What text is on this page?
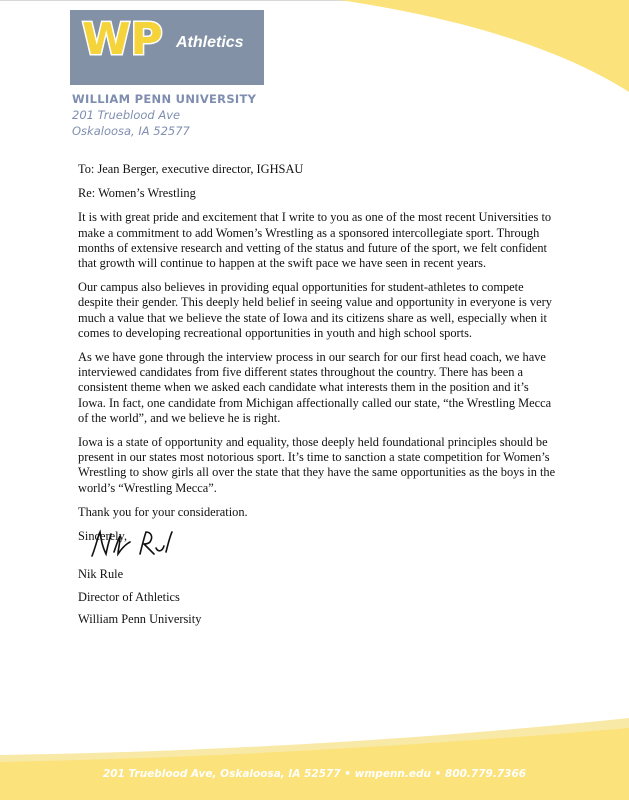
WP Athletics
WILLIAM PENN UNIVERSITY
201 Trueblood Ave
Oskaloosa, IA 52577

To: Jean Berger, executive director, IGHSAU

Re: Women’s Wrestling

It is with great pride and excitement that I write to you as one of the most recent Universities to make a commitment to add Women’s Wrestling as a sponsored intercollegiate sport. Through months of extensive research and vetting of the status and future of the sport, we felt confident that growth will continue to happen at the swift pace we have seen in recent years.

Our campus also believes in providing equal opportunities for student-athletes to compete despite their gender. This deeply held belief in seeing value and opportunity in everyone is very much a value that we believe the state of Iowa and its citizens share as well, especially when it comes to developing recreational opportunities in youth and high school sports.

As we have gone through the interview process in our search for our first head coach, we have interviewed candidates from five different states throughout the country. There has been a consistent theme when we asked each candidate what interests them in the position and it’s Iowa. In fact, one candidate from Michigan affectionally called our state, “the Wrestling Mecca of the world”, and we believe he is right.

Iowa is a state of opportunity and equality, those deeply held foundational principles should be present in our states most notorious sport. It’s time to sanction a state competition for Women’s Wrestling to show girls all over the state that they have the same opportunities as the boys in the world’s “Wrestling Mecca”.

Thank you for your consideration.

Sincerely,

Nik Rule
Director of Athletics
William Penn University
201 Trueblood Ave, Oskaloosa, IA 52577 • wmpenn.edu • 800.779.7366
